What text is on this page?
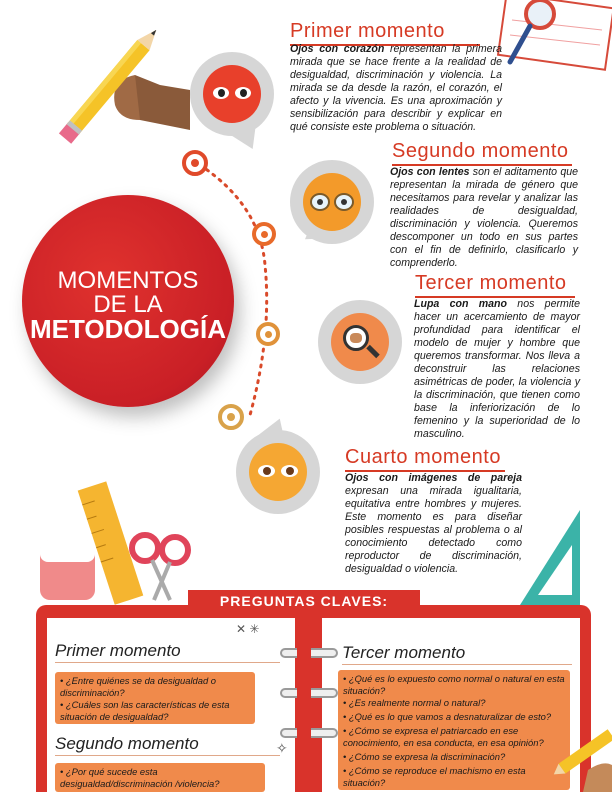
Primer momento
Ojos con corazón representan la primera mirada que se hace frente a la realidad de desigualdad, discriminación y violencia. La mirada se da desde la razón, el corazón, el afecto y la vivencia. Es una aproximación y sensibilización para describir y explicar en qué consiste este problema o situación.
Segundo momento
Ojos con lentes son el aditamento que representan la mirada de género que necesitamos para revelar y analizar las realidades de desigualdad, discriminación y violencia. Queremos descomponer un todo en sus partes con el fin de definirlo, clasificarlo y comprenderlo.
MOMENTOS
DE LA
METODOLOGÍA
Tercer momento
Lupa con mano nos permite hacer un acercamiento de mayor profundidad para identificar el modelo de mujer y hombre que queremos transformar. Nos lleva a deconstruir las relaciones asimétricas de poder, la violencia y la discriminación, que tienen como base la inferiorización de lo femenino y la superioridad de lo masculino.
Cuarto momento
Ojos con imágenes de pareja expresan una mirada igualitaria, equitativa entre hombres y mujeres. Este momento es para diseñar posibles respuestas al problema o al conocimiento detectado como reproductor de discriminación, desigualdad o violencia.
PREGUNTAS CLAVES:
Primer momento
• ¿Entre quiénes se da desigualdad o discriminación?
• ¿Cuáles son las características de esta situación de desigualdad?
Segundo momento
• ¿Por qué sucede esta desigualdad/discriminación /violencia?
Tercer momento
• ¿Qué es lo expuesto como normal o natural en esta situación?
• ¿Es realmente normal o natural?
• ¿Qué es lo que vamos a desnaturalizar de esto?
• ¿Cómo se expresa el patriarcado en ese conocimiento, en esa conducta, en esa opinión?
• ¿Cómo se expresa la discriminación?
• ¿Cómo se reproduce el machismo en esta situación?
✕ ✳
✧
